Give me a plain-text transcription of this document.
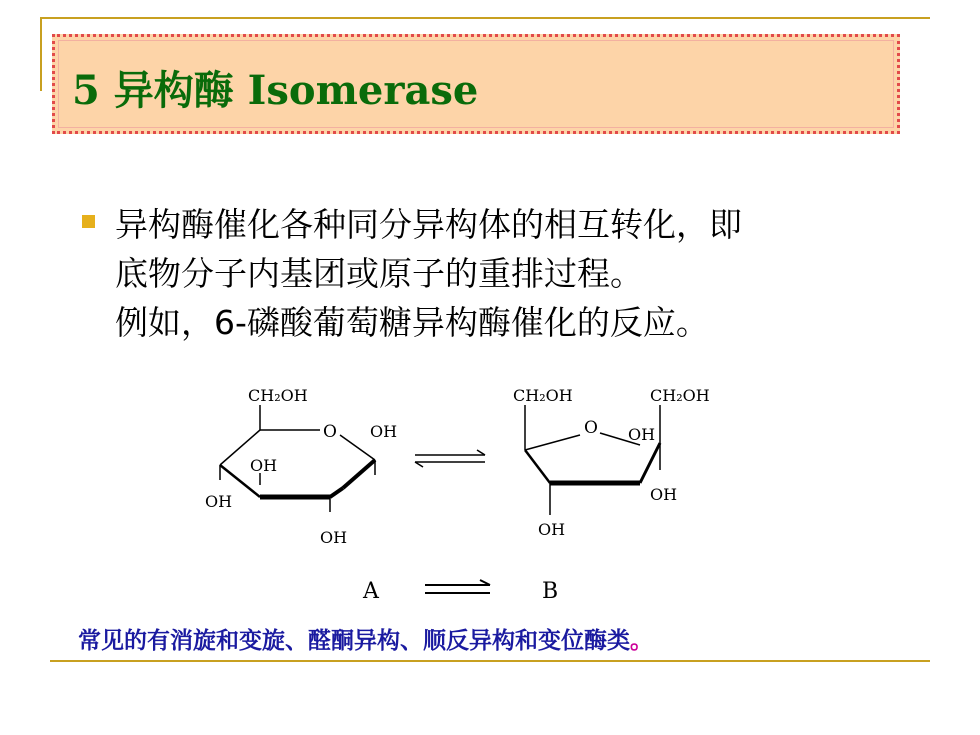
5 异构酶 Isomerase
异构酶催化各种同分异构体的相互转化，即
底物分子内基团或原子的重排过程。
例如，6-磷酸葡萄糖异构酶催化的反应。
CH₂OH
O OH
OH
OH
OH
CH₂OH	CH₂OH
O OH
OH
OH
A	B
常见的有消旋和变旋、醛酮异构、顺反异构和变位酶类。
